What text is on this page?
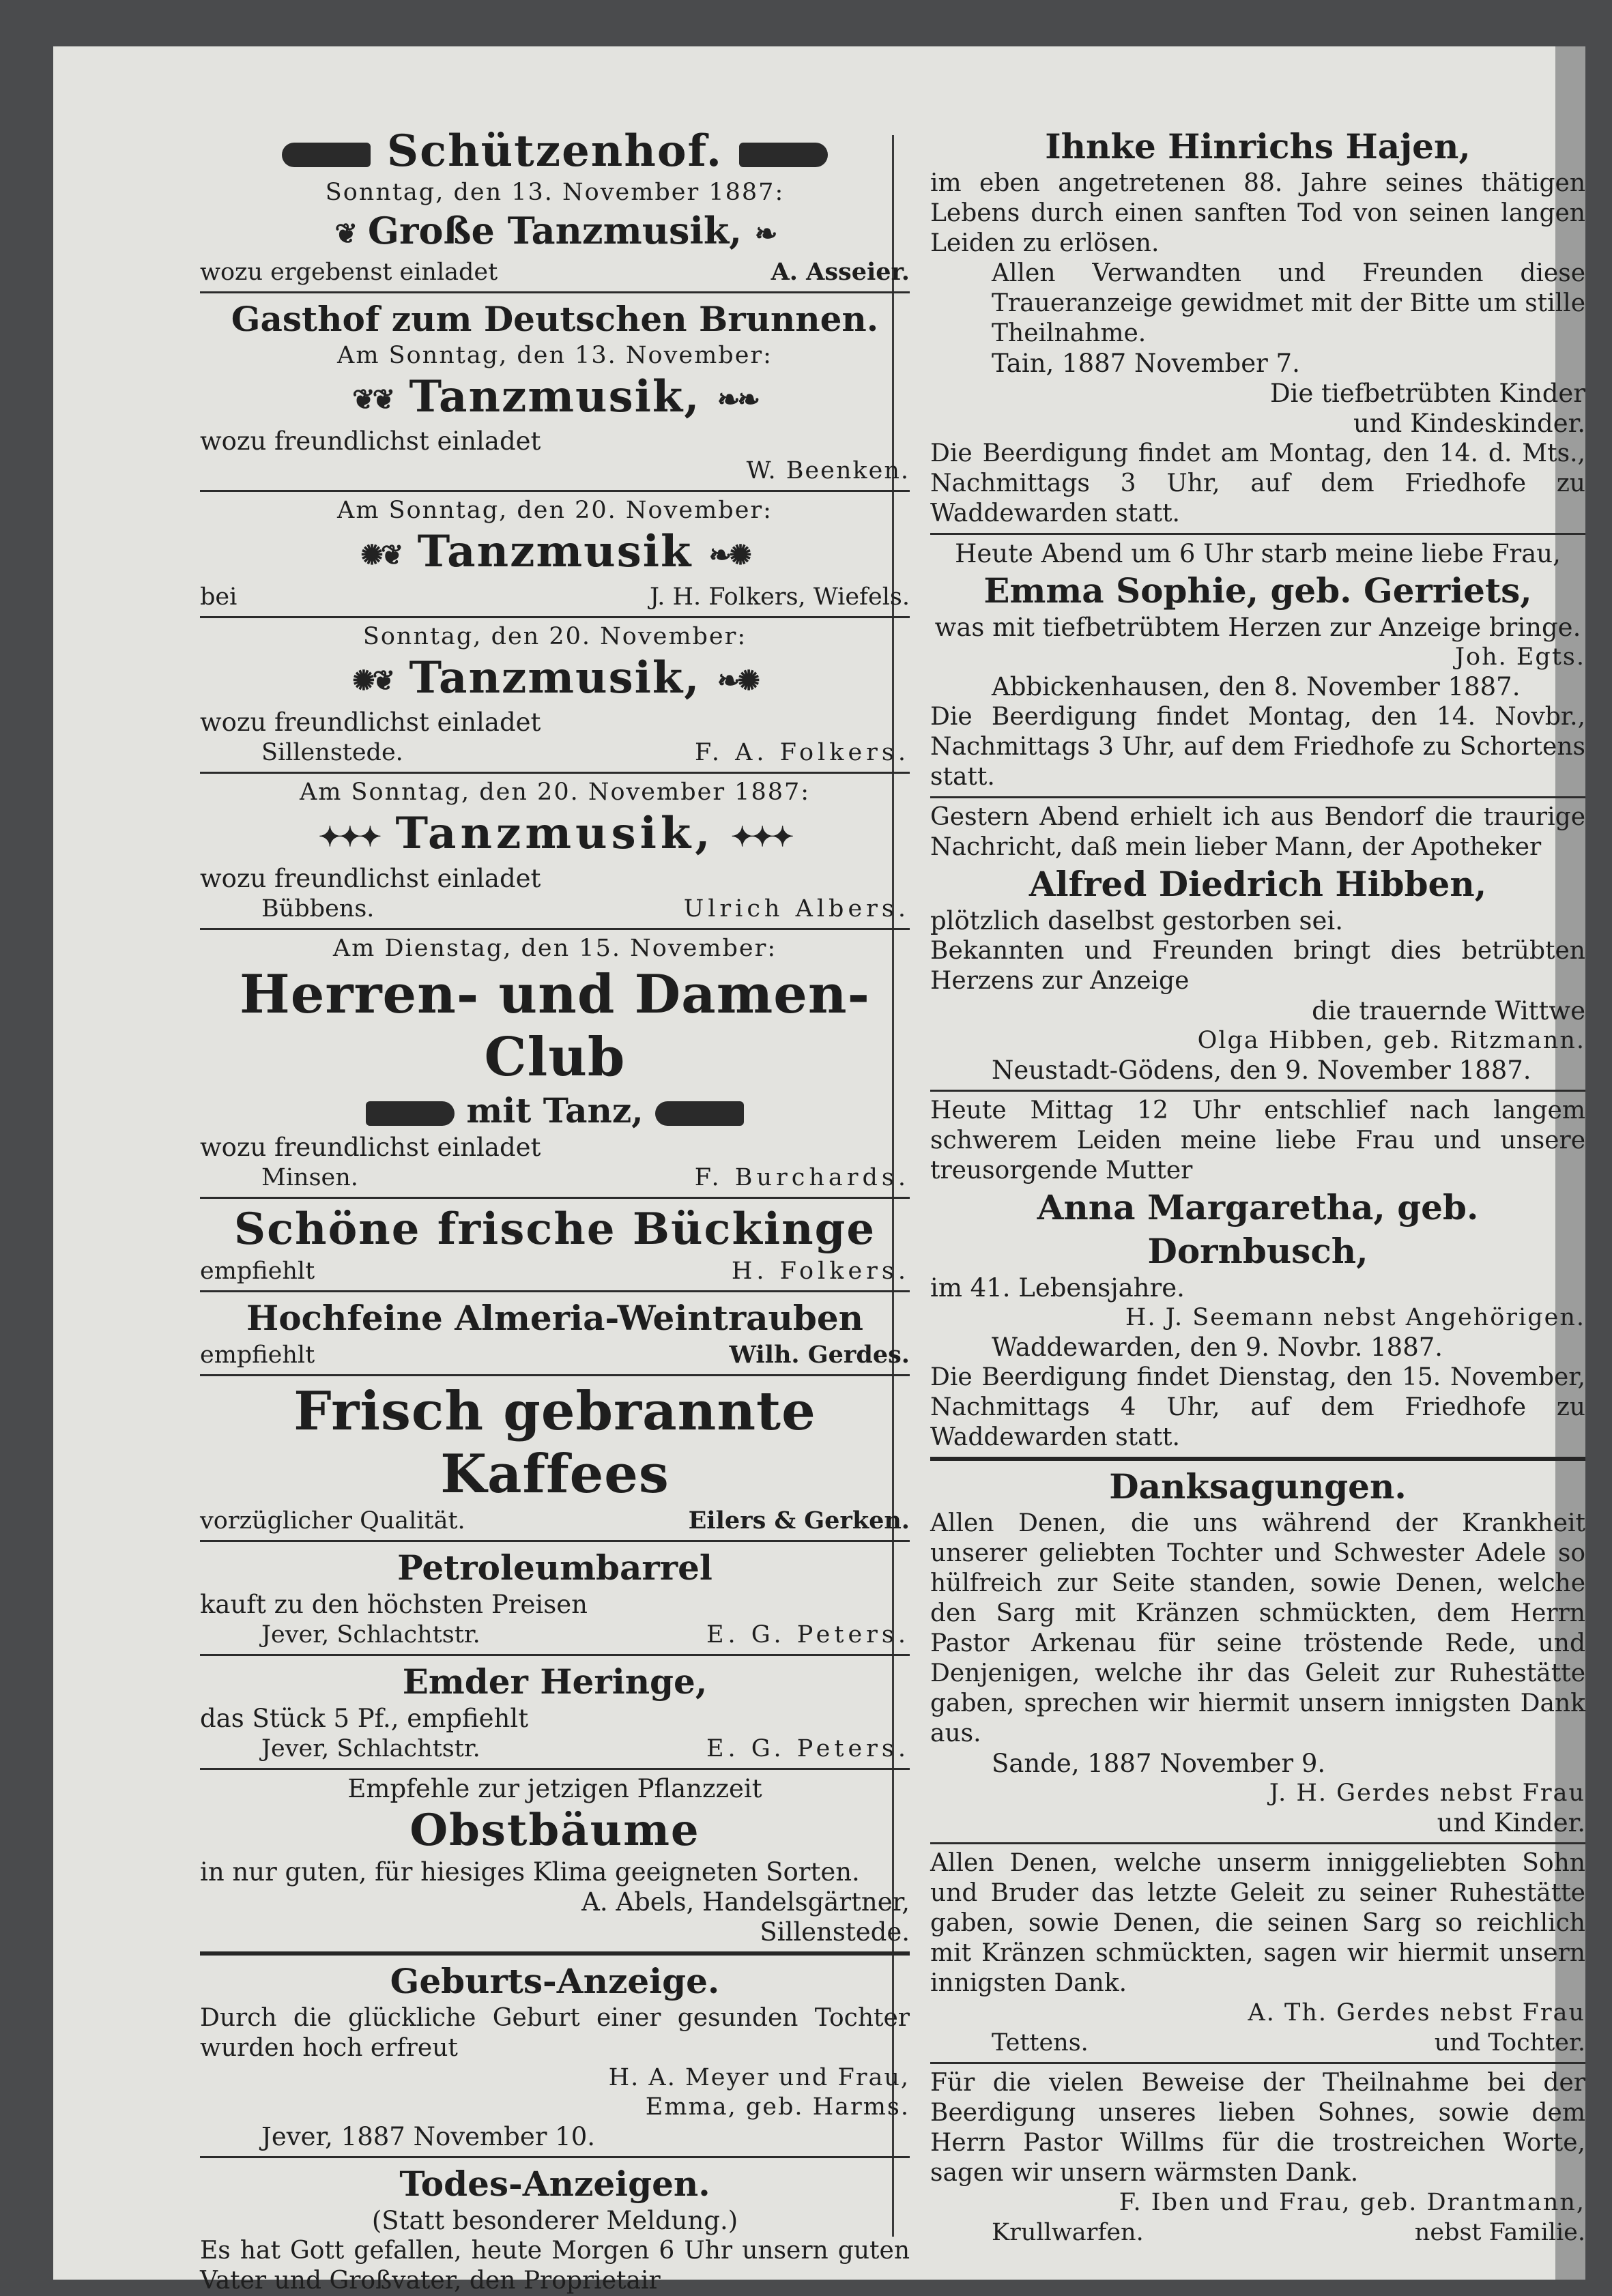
Schützenhof.
Sonntag, den 13. November 1887:
❦ Große Tanzmusik, ❧
wozu ergebenst einladet	A. Asseier.
Gasthof zum Deutschen Brunnen.
Am Sonntag, den 13. November:
❦❦ Tanzmusik, ❧❧
wozu freundlichst einladet
W. Beenken.
Am Sonntag, den 20. November:
✺❦ Tanzmusik ❧✺
bei	J. H. Folkers, Wiefels.
Sonntag, den 20. November:
✺❦ Tanzmusik, ❧✺
wozu freundlichst einladet
Sillenstede.	F. A. Folkers.
Am Sonntag, den 20. November 1887:
✦✦✦ Tanzmusik, ✦✦✦
wozu freundlichst einladet
Bübbens.	Ulrich Albers.
Am Dienstag, den 15. November:
Herren- und Damen-Club
mit Tanz,
wozu freundlichst einladet
Minsen.	F. Burchards.
Schöne frische Bückinge
empfiehlt	H. Folkers.
Hochfeine Almeria-Weintrauben
empfiehlt	Wilh. Gerdes.
Frisch gebrannte Kaffees
vorzüglicher Qualität.	Eilers & Gerken.
Petroleumbarrel
kauft zu den höchsten Preisen
Jever, Schlachtstr.	E. G. Peters.
Emder Heringe,
das Stück 5 Pf., empfiehlt
Jever, Schlachtstr.	E. G. Peters.
Empfehle zur jetzigen Pflanzzeit
Obstbäume
in nur guten, für hiesiges Klima geeigneten Sorten.
A. Abels, Handelsgärtner,
Sillenstede.
Geburts-Anzeige.

Durch die glückliche Geburt einer gesunden Tochter wurden hoch erfreut

H. A. Meyer und Frau,
Emma, geb. Harms.
Jever, 1887 November 10.
Todes-Anzeigen.
(Statt besonderer Meldung.)

Es hat Gott gefallen, heute Morgen 6 Uhr unsern guten Vater und Großvater, den Proprietair

Ihnke Hinrichs Hajen,

im eben angetretenen 88. Jahre seines thätigen Lebens durch einen sanften Tod von seinen langen Leiden zu erlösen.

Allen Verwandten und Freunden diese Traueranzeige gewidmet mit der Bitte um stille Theilnahme.

Tain, 1887 November 7.
Die tiefbetrübten Kinder
und Kindeskinder.

Die Beerdigung findet am Montag, den 14. d. Mts., Nachmittags 3 Uhr, auf dem Friedhofe zu Waddewarden statt.

Heute Abend um 6 Uhr starb meine liebe Frau,
Emma Sophie, geb. Gerriets,
was mit tiefbetrübtem Herzen zur Anzeige bringe.
Joh. Egts.
Abbickenhausen, den 8. November 1887.

Die Beerdigung findet Montag, den 14. Novbr., Nachmittags 3 Uhr, auf dem Friedhofe zu Schortens statt.

Gestern Abend erhielt ich aus Bendorf die traurige Nachricht, daß mein lieber Mann, der Apotheker

Alfred Diedrich Hibben,
plötzlich daselbst gestorben sei.

Bekannten und Freunden bringt dies betrübten Herzens zur Anzeige

die trauernde Wittwe
Olga Hibben, geb. Ritzmann.
Neustadt-Gödens, den 9. November 1887.

Heute Mittag 12 Uhr entschlief nach langem schwerem Leiden meine liebe Frau und unsere treusorgende Mutter

Anna Margaretha, geb. Dornbusch,
im 41. Lebensjahre.
H. J. Seemann nebst Angehörigen.
Waddewarden, den 9. Novbr. 1887.

Die Beerdigung findet Dienstag, den 15. November, Nachmittags 4 Uhr, auf dem Friedhofe zu Waddewarden statt.

Danksagungen.

Allen Denen, die uns während der Krankheit unserer geliebten Tochter und Schwester Adele so hülfreich zur Seite standen, sowie Denen, welche den Sarg mit Kränzen schmückten, dem Herrn Pastor Arkenau für seine tröstende Rede, und Denjenigen, welche ihr das Geleit zur Ruhestätte gaben, sprechen wir hiermit unsern innigsten Dank aus.

Sande, 1887 November 9.
J. H. Gerdes nebst Frau
und Kinder.

Allen Denen, welche unserm inniggeliebten Sohn und Bruder das letzte Geleit zu seiner Ruhestätte gaben, sowie Denen, die seinen Sarg so reichlich mit Kränzen schmückten, sagen wir hiermit unsern innigsten Dank.

A. Th. Gerdes nebst Frau
Tettens.	und Tochter.

Für die vielen Beweise der Theilnahme bei der Beerdigung unseres lieben Sohnes, sowie dem Herrn Pastor Willms für die trostreichen Worte, sagen wir unsern wärmsten Dank.

F. Iben und Frau, geb. Drantmann,
Krullwarfen.	nebst Familie.
